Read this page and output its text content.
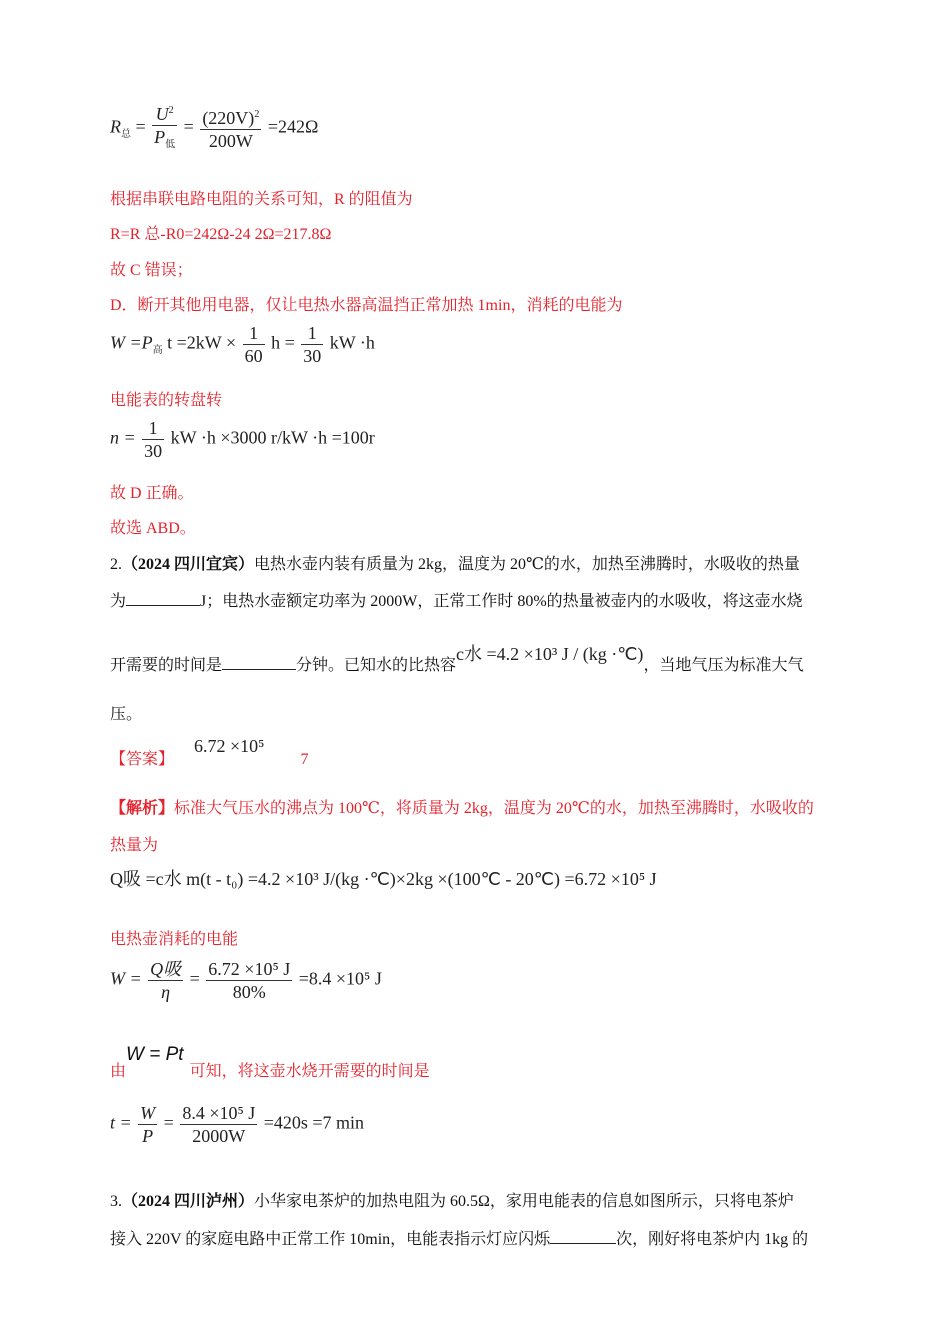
$R_总 = \frac{U^2}{P_低} = \frac{(220V)^2}{200W} =242\Omega$
根据串联电路电阻的关系可知，R 的阻值为
R=R 总-R0=242Ω-24 2Ω=217.8Ω
故 C 错误；
D．断开其他用电器，仅让电热水器高温挡正常加热 1min，消耗的电能为
$W =P_高$ $t =2kW \times \frac{1}{60}$ $h = \frac{1}{30}$ kW ·h
电能表的转盘转
$n = \frac{1}{30}$ kW ·h ×3000 r/kW ·h =100r
故 D 正确。
故选 ABD。
2.（2024 四川宜宾）电热水壶内装有质量为 2kg，温度为 20℃的水，加热至沸腾时，水吸收的热量
为	J；电热水壶额定功率为 2000W，正常工作时 80%的热量被壶内的水吸收，将这壶水烧
开需要的时间是	分钟。已知水的比热容c水 =4.2 ×10³ J / (kg ·℃)，当地气压为标准大气
压。
【答案】6.72 ×10⁵7
【解析】标准大气压水的沸点为 100℃，将质量为 2kg，温度为 20℃的水，加热至沸腾时，水吸收的
热量为
Q吸 =c水 m(t - t₀) =4.2 ×10³ J/(kg ·℃)×2kg ×(100℃ - 20℃) =6.72 ×10⁵ J
电热壶消耗的电能
$W = \frac{\text{Q吸}}{\eta} = \frac{\text{6.72 ×10⁵ J}}{80\%} =8.4 \times 10^5$ J
由W = Pt可知，将这壶水烧开需要的时间是
$t = \frac{W}{P} = \frac{\text{8.4 ×10⁵ J}}{2000W} =420s =7$ min
3.（2024 四川泸州）小华家电茶炉的加热电阻为 60.5Ω，家用电能表的信息如图所示，只将电茶炉
接入 220V 的家庭电路中正常工作 10min，电能表指示灯应闪烁	次，刚好将电茶炉内 1kg 的
